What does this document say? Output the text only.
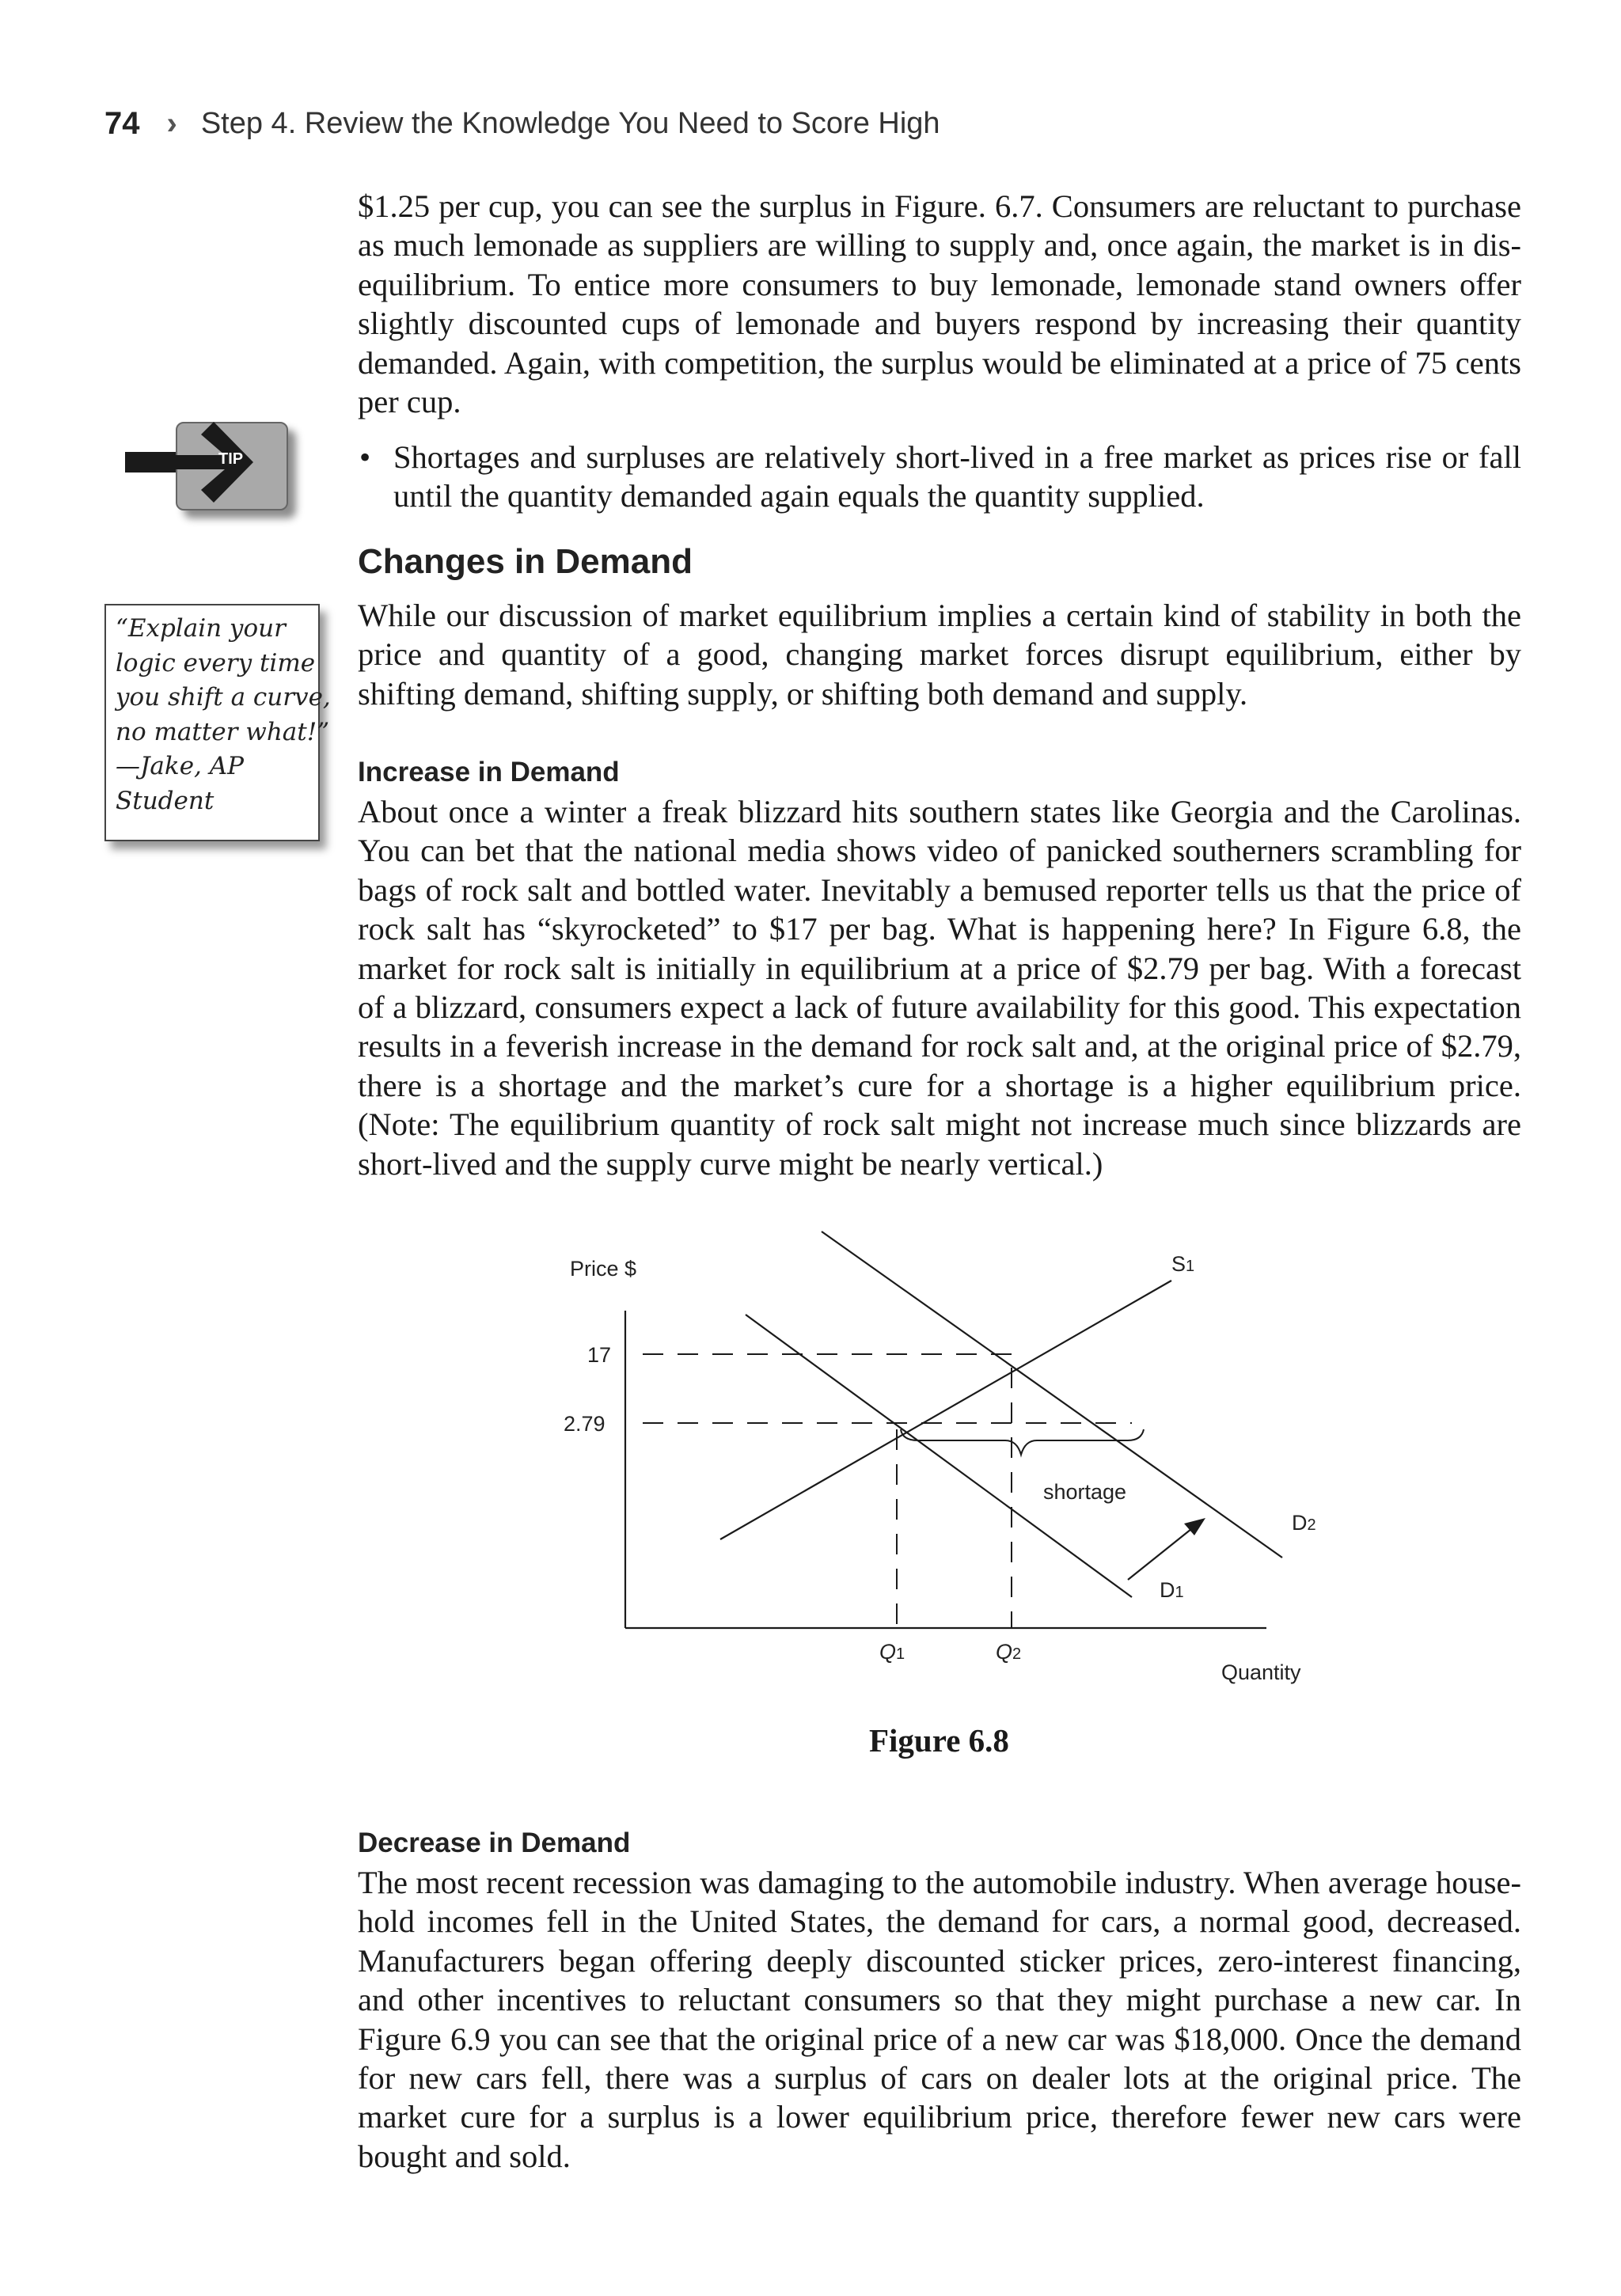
74 › Step 4. Review the Knowledge You Need to Score High

$1.25 per cup, you can see the surplus in Figure. 6.7. Consumers are reluctant to purchase as much lemonade as suppliers are willing to supply and, once again, the market is in disequilibrium. To entice more consumers to buy lemonade, lemonade stand owners offer slightly discounted cups of lemonade and buyers respond by increasing their quantity demanded. Again, with competition, the surplus would be eliminated at a price of 75 cents per cup.

TIP	• Shortages and surpluses are relatively short-lived in a free market as prices rise or fall until the quantity demanded again equals the quantity supplied.
Changes in Demand
“Explain your
logic every time
you shift a curve,
no matter what!”
—Jake, AP
Student

While our discussion of market equilibrium implies a certain kind of stability in both the price and quantity of a good, changing market forces disrupt equilibrium, either by shifting demand, shifting supply, or shifting both demand and supply.

Increase in Demand

About once a winter a freak blizzard hits southern states like Georgia and the Carolinas. You can bet that the national media shows video of panicked southerners scrambling for bags of rock salt and bottled water. Inevitably a bemused reporter tells us that the price of rock salt has “skyrocketed” to $17 per bag. What is happening here? In Figure 6.8, the market for rock salt is initially in equilibrium at a price of $2.79 per bag. With a forecast of a blizzard, consumers expect a lack of future availability for this good. This expectation results in a feverish increase in the demand for rock salt and, at the original price of $2.79, there is a shortage and the market’s cure for a shortage is a higher equilibrium price. (Note: The equilibrium quantity of rock salt might not increase much since blizzards are short-lived and the supply curve might be nearly vertical.)

Price $
17
2.79
shortage
Quantity
S1
D2
D1
Q1	Q2

Figure 6.8

Decrease in Demand

The most recent recession was damaging to the automobile industry. When average household incomes fell in the United States, the demand for cars, a normal good, decreased. Manufacturers began offering deeply discounted sticker prices, zero-interest financing, and other incentives to reluctant consumers so that they might purchase a new car. In Figure 6.9 you can see that the original price of a new car was $18,000. Once the demand for new cars fell, there was a surplus of cars on dealer lots at the original price. The market cure for a surplus is a lower equilibrium price, therefore fewer new cars were bought and sold.
